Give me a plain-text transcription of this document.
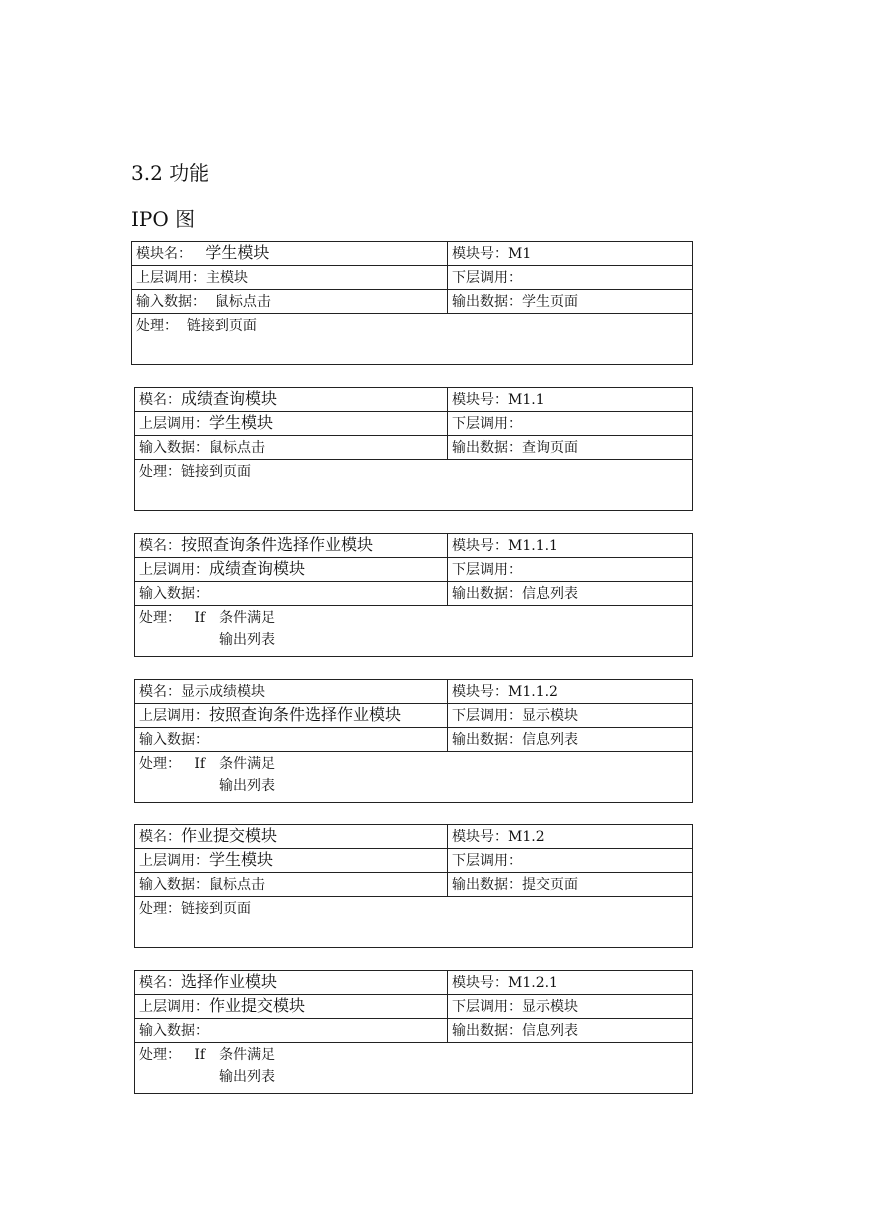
3.2 功能
IPO 图
模块名： 学生模块	模块号：M1
上层调用：主模块	下层调用：
输入数据： 鼠标点击	输出数据：学生页面

处理： 链接到页面	
模名：成绩查询模块	模块号：M1.1
上层调用：学生模块	下层调用：
输入数据：鼠标点击	输出数据：查询页面

处理：链接到页面	
模名：按照查询条件选择作业模块	模块号：M1.1.1
上层调用：成绩查询模块	下层调用：
输入数据：	输出数据：信息列表

处理： If　条件满足
输出列表	
模名：显示成绩模块	模块号：M1.1.2
上层调用：按照查询条件选择作业模块	下层调用：显示模块
输入数据：	输出数据：信息列表

处理： If　条件满足
输出列表	
模名：作业提交模块	模块号：M1.2
上层调用：学生模块	下层调用：
输入数据：鼠标点击	输出数据：提交页面

处理：链接到页面	
模名：选择作业模块	模块号：M1.2.1
上层调用：作业提交模块	下层调用：显示模块
输入数据：	输出数据：信息列表

处理： If　条件满足
输出列表	
